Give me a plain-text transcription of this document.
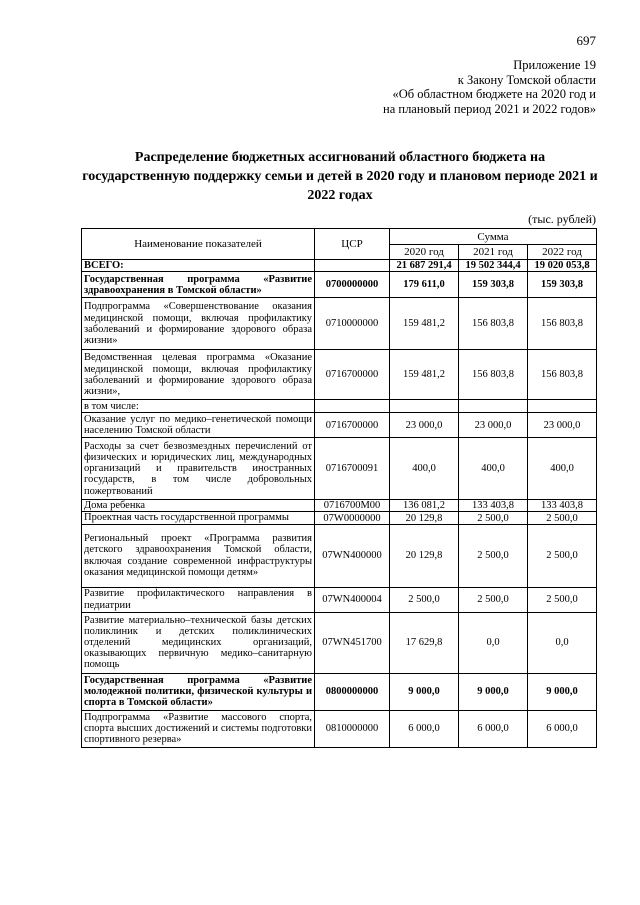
697
Приложение 19
к Закону Томской области
«Об областном бюджете на 2020 год и
на плановый период 2021 и 2022 годов»
Распределение бюджетных ассигнований областного бюджета на государственную поддержку семьи и детей в 2020 году и плановом периоде 2021 и 2022 годах
(тыс. рублей)
Наименование показателей	ЦСР	Сумма		
		2020 год	2021 год	2022 год
ВСЕГО:		21 687 291,4	19 502 344,4	19 020 053,8
Государственная программа «Развитие здравоохранения в Томской области»	0700000000	179 611,0	159 303,8	159 303,8
Подпрограмма «Совершенствование оказания медицинской помощи, включая профилактику заболеваний и формирование здорового образа жизни»	0710000000	159 481,2	156 803,8	156 803,8
Ведомственная целевая программа «Оказание медицинской помощи, включая профилактику заболеваний и формирование здорового образа жизни»,	0716700000	159 481,2	156 803,8	156 803,8
в том числе:				
Оказание услуг по медико–генетической помощи населению Томской области	0716700000	23 000,0	23 000,0	23 000,0
Расходы за счет безвозмездных перечислений от физических и юридических лиц, международных организаций и правительств иностранных государств, в том числе добровольных пожертвований	0716700091	400,0	400,0	400,0
Дома ребенка	0716700М00	136 081,2	133 403,8	133 403,8
Проектная часть государственной программы	07W0000000	20 129,8	2 500,0	2 500,0
Региональный проект «Программа развития детского здравоохранения Томской области, включая создание современной инфраструктуры оказания медицинской помощи детям»	07WN400000	20 129,8	2 500,0	2 500,0
Развитие профилактического направления в педиатрии	07WN400004	2 500,0	2 500,0	2 500,0
Развитие материально–технической базы детских поликлиник и детских поликлинических отделений медицинских организаций, оказывающих первичную медико–санитарную помощь	07WN451700	17 629,8	0,0	0,0
Государственная программа «Развитие молодежной политики, физической культуры и спорта в Томской области»	0800000000	9 000,0	9 000,0	9 000,0
Подпрограмма «Развитие массового спорта, спорта высших достижений и системы подготовки спортивного резерва»	0810000000	6 000,0	6 000,0	6 000,0
